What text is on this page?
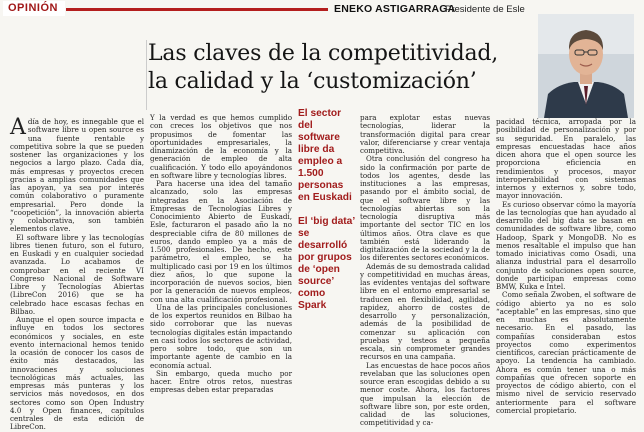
OPINIÓN	ENEKO ASTIGARRAGA
Presidente de Esle
Las claves de la competitividad,
la calidad y la ‘customización’

Adía de hoy, es innegable que el software libre u open source es una fuente rentable y competitiva sobre la que se pueden sostener las organizaciones y los negocios a largo plazo. Cada día, más empresas y proyectos crecen gracias a amplias comunidades que las apoyan, ya sea por interés común colaborativo o puramente empresarial. Pero donde la “coopetición”, la innovación abierta y colaborativa, son también elementos clave.

El software libre y las tecnologías libres tienen futuro, son el futuro, en Euskadi y en cualquier sociedad avanzada. Lo acabamos de comprobar en el reciente VI Congreso Nacional de Software Libre y Tecnologías Abiertas (LibreCon 2016) que se ha celebrado hace escasas fechas en Bilbao.

Aunque el open source impacta e influye en todos los sectores económicos y sociales, en este evento internacional hemos tenido la ocasión de conocer los casos de éxito más destacados, las innovaciones y soluciones tecnológicas más actuales, las empresas más punteras y los servicios más novedosos, en dos sectores como son Open Industry 4.0 y Open finances, capítulos centrales de esta edición de LibreCon.

Y la verdad es que hemos cumplido con creces los objetivos que nos propusimos de fomentar las oportunidades empresariales, la dinamización de la economía y la generación de empleo de alta cualificación. Y todo ello apoyándonos en software libre y tecnologías libres.

Para hacerse una idea del tamaño alcanzado, solo las empresas integradas en la Asociación de Empresas de Tecnologías Libres y Conocimiento Abierto de Euskadi, Esle, facturaron el pasado año la no despreciable cifra de 80 millones de euros, dando empleo ya a más de 1.500 profesionales. De hecho, este parámetro, el empleo, se ha multiplicado casi por 19 en los últimos diez años, lo que supone la incorporación de nuevos socios, bien por la generación de nuevos empleos, con una alta cualificación profesional.

Una de las principales conclusiones de los expertos reunidos en Bilbao ha sido corroborar que las nuevas tecnologías digitales están impactando en casi todos los sectores de actividad, pero sobre todo, que son un importante agente de cambio en la economía actual.

Sin embargo, queda mucho por hacer. Entre otros retos, nuestras empresas deben estar preparadas

El sector del software libre da empleo a 1.500 personas en Euskadi
El ‘big data’ se desarrolló por grupos de ‘open source’ como Spark

para explotar estas nuevas tecnologías, liderar la transformación digital para crear valor, diferenciarse y crear ventaja competitiva.

Otra conclusión del congreso ha sido la confirmación por parte de todos los agentes, desde las instituciones a las empresas, pasando por el ámbito social, de que el software libre y las tecnologías abiertas son la tecnología disruptiva más importante del sector TIC en los últimos años. Otra clave es que también está liderando la digitalización de la sociedad y la de los diferentes sectores económicos.

Además de su demostrada calidad y competitividad en muchas áreas, las evidentes ventajas del software libre en el entorno empresarial se traducen en flexibilidad, agilidad, rapidez, ahorro de costes de desarrollo y personalización, además de la posibilidad de comenzar su aplicación con pruebas y testeos a pequeña escala, sin comprometer grandes recursos en una campaña.

Las encuestas de hace pocos años revelaban que las soluciones open source eran escogidas debido a su menor coste. Ahora, los factores que impulsan la elección de software libre son, por este orden, calidad de las soluciones, competitividad y ca-

pacidad técnica, arropada por la posibilidad de personalización y por su seguridad. En paralelo, las empresas encuestadas hace años dicen ahora que el open source les proporciona eficiencia en rendimientos y procesos, mayor interoperabilidad con sistemas internos y externos y, sobre todo, mayor innovación.

Es curioso observar cómo la mayoría de las tecnologías que han ayudado al desarrollo del big data se basan en comunidades de software libre, como Hadoop, Spark y MongoDB. No es menos resaltable el impulso que han tomado iniciativas como Osadi, una alianza industrial para el desarrollo conjunto de soluciones open source, donde participan empresas como BMW, Kuka e Intel.

Como señala Zwoben, el software de código abierto ya no es solo “aceptable” en las empresas, sino que en muchas es absolutamente necesario. En el pasado, las compañías consideraban estos proyectos como experimentos científicos, carecían prácticamente de apoyo. La tendencia ha cambiado. Ahora es común tener una o más compañías que ofrecen soporte en proyectos de código abierto, con el mismo nivel de servicio reservado anteriormente para el software comercial propietario.
